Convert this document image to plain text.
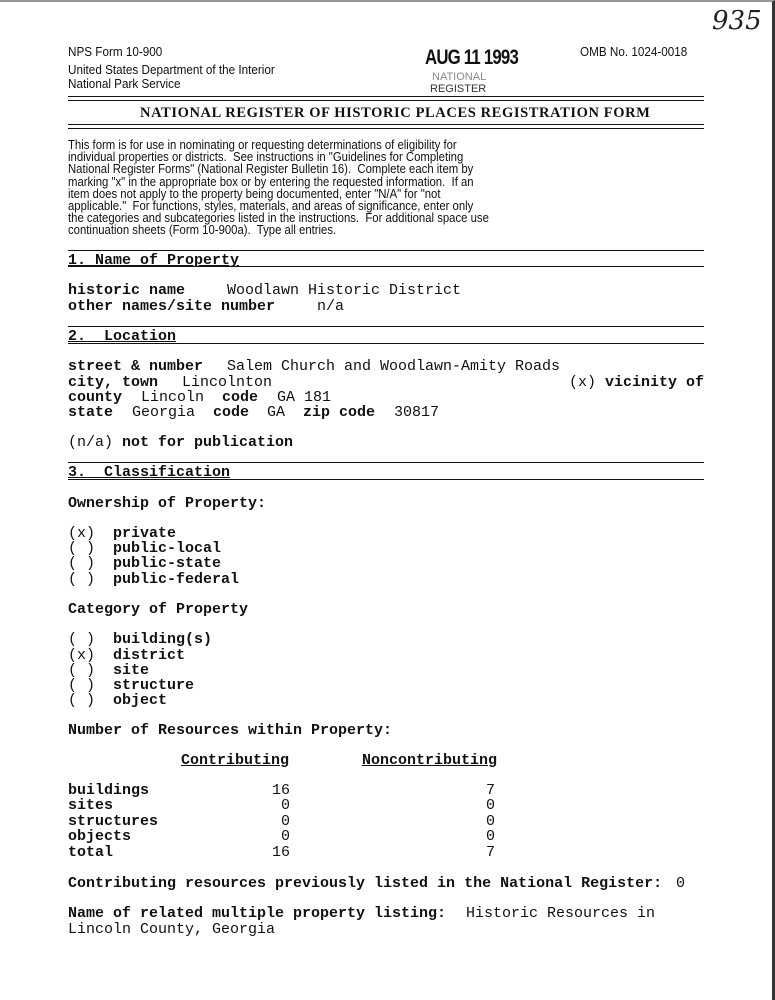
NPS Form 10-900	OMB No. 1024-0018
United States Department of the Interior
National Park Service
AUG 11 1993
NATIONAL
REGISTER
935
NATIONAL REGISTER OF HISTORIC PLACES REGISTRATION FORM
This form is for use in nominating or requesting determinations of eligibility for
individual properties or districts.  See instructions in "Guidelines for Completing
National Register Forms" (National Register Bulletin 16).  Complete each item by
marking "x" in the appropriate box or by entering the requested information.  If an
item does not apply to the property being documented, enter "N/A" for "not
applicable."  For functions, styles, materials, and areas of significance, enter only
the categories and subcategories listed in the instructions.  For additional space use
continuation sheets (Form 10-900a).  Type all entries.
1. Name of Property
historic name	Woodlawn Historic District
other names/site number	n/a
2.  Location
street & number Salem Church and Woodlawn-Amity Roads
city, town Lincolnton	(x) vicinity of
county Lincoln code GA 181
state Georgia code GA zip code 30817
(n/a) not for publication
3.  Classification
Ownership of Property:
(x) private
( ) public-local
( ) public-state
( ) public-federal
Category of Property
( ) building(s)
(x) district
( ) site
( ) structure
( ) object
Number of Resources within Property:
Contributing	Noncontributing
buildings	16	7
sites	0	0
structures	0	0
objects	0	0
total	16	7
Contributing resources previously listed in the National Register: 0
Name of related multiple property listing: Historic Resources in
Lincoln County, Georgia
